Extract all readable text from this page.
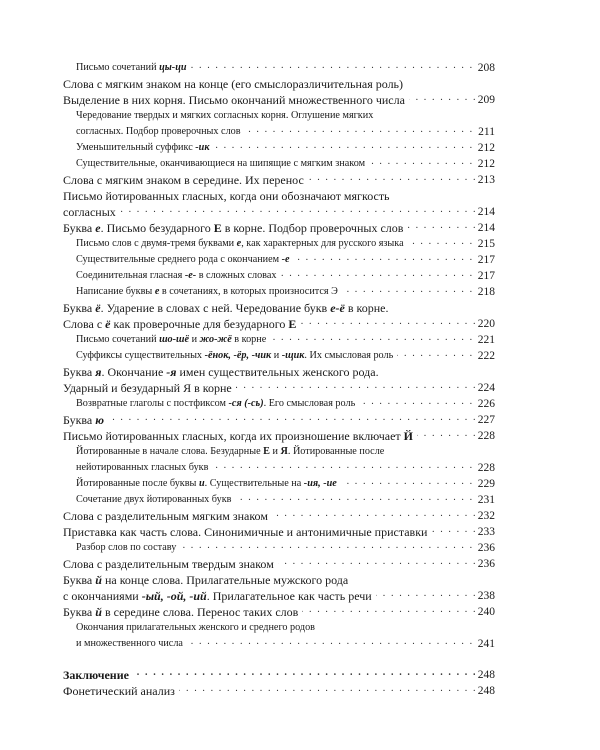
. . .
Письмо сочетаний цы-ци	208
Слова с мягким знаком на конце (его смыслоразличительная роль)
. . .
Выделение в них корня. Письмо окончаний множественного числа	209
Чередование твердых и мягких согласных корня. Оглушение мягких
. . .
согласных. Подбор проверочных слов	211
. . .
Уменьшительный суффикс -ик	212
. . .
Существительные, оканчивающиеся на шипящие с мягким знаком	212
. . .
Слова с мягким знаком в середине. Их перенос	213
Письмо йотированных гласных, когда они обозначают мягкость
. . .
согласных	214
. . .
Буква е. Письмо безударного Е в корне. Подбор проверочных слов	214
. . .
Письмо слов с двумя-тремя буквами е, как характерных для русского языка	215
. . .
Существительные среднего рода с окончанием -е	217
. . .
Соединительная гласная -е- в сложных словах	217
. . .
Написание буквы е в сочетаниях, в которых произносится Э	218
Буква ё. Ударение в словах с ней. Чередование букв е-ё в корне.
. . .
Слова с ё как проверочные для безударного Е	220
. . .
Письмо сочетаний шо-шё и жо-жё в корне	221
. . .
Суффиксы существительных -ёнок, -ёр, -чик и -щик. Их смысловая роль	222
Буква я. Окончание -я имен существительных женского рода.
. . .
Ударный и безударный Я в корне	224
. . .
Возвратные глаголы с постфиксом -ся (-сь). Его смысловая роль	226
. . .
Буква ю	227
. . .
Письмо йотированных гласных, когда их произношение включает Й	228
Йотированные в начале слова. Безударные Е и Я. Йотированные после
. . .
нейотированных гласных букв	228
. . .
Йотированные после буквы и. Существительные на -ия, -ие	229
. . .
Сочетание двух йотированных букв	231
. . .
Слова с разделительным мягким знаком	232
. . .
Приставка как часть слова. Синонимичные и антонимичные приставки	233
. . .
Разбор слов по составу	236
. . .
Слова с разделительным твердым знаком	236
Буква й на конце слова. Прилагательные мужского рода
. . .
с окончаниями -ый, -ой, -ий. Прилагательное как часть речи	238
. . .
Буква й в середине слова. Перенос таких слов	240
Окончания прилагательных женского и среднего родов
. . .
и множественного числа	241
. . .
Заключение	248
. . .
Фонетический анализ	248
